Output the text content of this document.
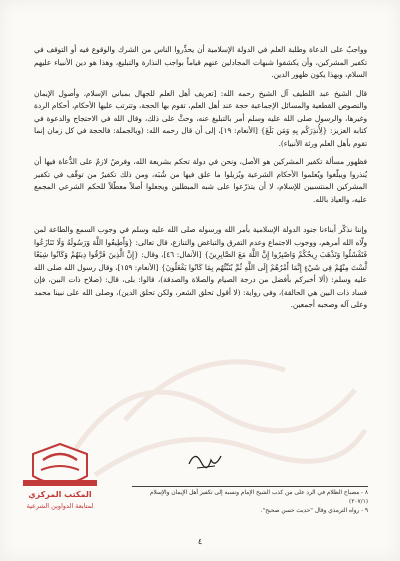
وواجبٌ على الدعاة وطلبة العلم في الدولة الإسلامية أن يحذِّروا الناس من الشرك والوقوع فيه أو التوقف في تكفير المشركين، وأن يكشفوا شبهات المجادلين عنهم قياماً بواجب النذارة والتبليغ، وهذا هو دين الأنبياء عليهم السلام، وبهذا يكون ظهور الدين.

قال الشيخ عبد اللطيف آل الشيخ رحمه الله: [تعريف أهل العلم للجهال بمباني الإسلام، وأصول الإيمان والنصوص القطعية والمسائل الإجماعية حجة عند أهل العلم، تقوم بها الحجة، وتترتب عليها الأحكام، أحكام الردة وغيرها، والرسول صلى الله عليه وسلم أمر بالتبليغ عنه، وحثَّ على ذلك، وقال الله في الاحتجاج والدعوة في كتابه العزيز: {لِأُنذِرَكُم بِهِ وَمَن بَلَغَ} [الأنعام: ١٩]، إلى أن قال رحمه الله: (وبالجملة: فالحجة في كل زمان إنما تقوم بأهل العلم ورثة الأنبياء).

فظهور مسألة تكفير المشركين هو الأصل، ونحن في دولة تحكم بشريعة الله، وفرضٌ لازمٌ على الدُّعاة فيها أن يُنذروا ويبلّغوا ويُعلموا الأحكام الشرعية ويُزيلوا ما علق فيها من شُبَه، ومن ذلك تكفيرُ من توقّف في تكفير المشركين المنتسبين للإسلام، لا أن يتذرّعوا على شبه المبطلين ويجعلوا أصلاً معطّلاً للحكم الشرعي المجمع عليه، والعياذ بالله.

وإننا نذكّر أبناءنا جنود الدولة الإسلامية بأمر الله ورسوله صلى الله عليه وسلم في وجوب السمع والطاعة لمن ولّاه الله أمرهم، ووجوب الاجتماع وعدم التفرق والتباغض والتنازع، قال تعالى: {وَأَطِيعُوا اللَّهَ وَرَسُولَهُ وَلَا تَنَازَعُوا فَتَفْشَلُوا وَتَذْهَبَ رِيحُكُمْ وَاصْبِرُوا إِنَّ اللَّهَ مَعَ الصَّابِرِينَ} [الأنفال: ٤٦]، وقال: {إِنَّ الَّذِينَ فَرَّقُوا دِينَهُمْ وَكَانُوا شِيَعًا لَّسْتَ مِنْهُمْ فِي شَيْءٍ إِنَّمَا أَمْرُهُمْ إِلَى اللَّهِ ثُمَّ يُنَبِّئُهُم بِمَا كَانُوا يَفْعَلُونَ} [الأنعام: ١٥٩]، وقال رسول الله صلى الله عليه وسلم: (ألا أخبركم بأفضل من درجة الصيام والصلاة والصدقة)، قالوا: بلى، قال: (صلاح ذات البين، فإن فساد ذات البين هي الحالقة)، وفي رواية: (لا أقول تحلق الشعر، ولكن تحلق الدين)، وصلى الله على نبينا محمد وعلى آله وصحبه أجمعين.

المكتب المركزي
لمتابعة الدواوين الشرعية

٨ - مصباح الظلام في الرد على من كذب الشيخ الإمام ونسبه إلى تكفير أهل الإيمان والإسلام (٢٠٧/١)

٩ - رواه الترمذي وقال "حديث حسن صحيح".

٤
